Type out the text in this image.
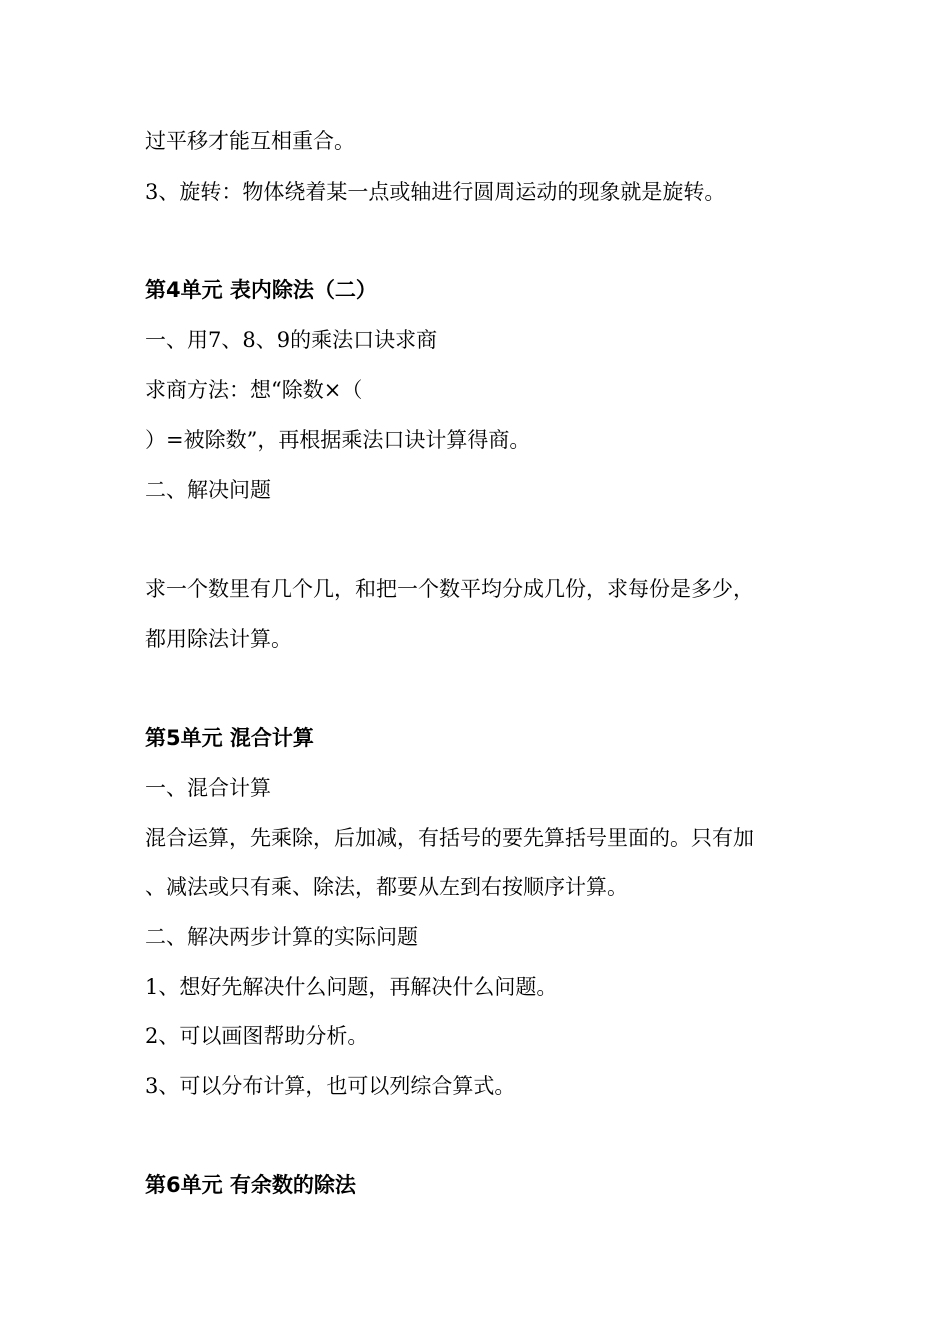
过平移才能互相重合。

3、旋转：物体绕着某一点或轴进行圆周运动的现象就是旋转。

第4单元 表内除法（二）

一、用7、8、9的乘法口诀求商

求商方法：想“除数×（

）=被除数”，再根据乘法口诀计算得商。

二、解决问题

求一个数里有几个几，和把一个数平均分成几份，求每份是多少，

都用除法计算。

第5单元 混合计算

一、混合计算

混合运算，先乘除，后加减，有括号的要先算括号里面的。只有加

、减法或只有乘、除法，都要从左到右按顺序计算。

二、解决两步计算的实际问题

1、想好先解决什么问题，再解决什么问题。

2、可以画图帮助分析。

3、可以分布计算，也可以列综合算式。

第6单元 有余数的除法
